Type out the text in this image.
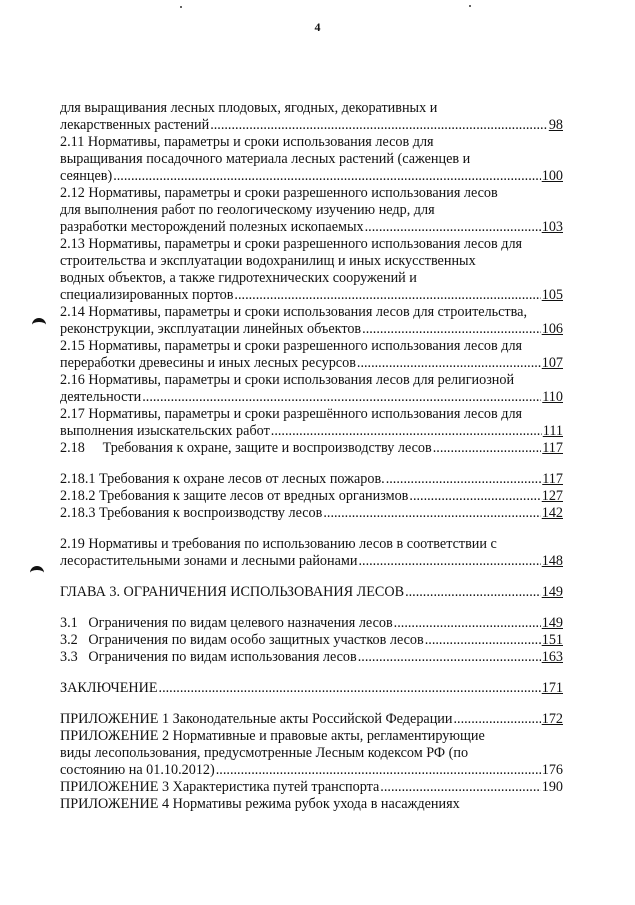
4
для выращивания лесных плодовых, ягодных, декоративных и
лекарственных растений .....	98
2.11 Нормативы, параметры и сроки использования лесов для
выращивания посадочного материала лесных растений (саженцев и
сеянцев) .....	100
2.12 Нормативы, параметры и сроки разрешенного использования лесов
для выполнения работ по геологическому изучению недр, для
разработки месторождений полезных ископаемых .....	103
2.13 Нормативы, параметры и сроки разрешенного использования лесов для
строительства и эксплуатации водохранилищ и иных искусственных
водных объектов, а также гидротехнических сооружений и
специализированных портов .....	105
2.14 Нормативы, параметры и сроки использования лесов для строительства,
реконструкции, эксплуатации линейных объектов .....	106
2.15 Нормативы, параметры и сроки разрешенного использования лесов для
переработки древесины и иных лесных ресурсов .....	107
2.16 Нормативы, параметры и сроки использования лесов для религиозной
деятельности .....	110
2.17 Нормативы, параметры и сроки разрешённого использования лесов для
выполнения изыскательских работ .....	111
2.18     Требования к охране, защите и воспроизводству лесов .....	117
2.18.1 Требования к охране лесов от лесных пожаров. .....	117
2.18.2 Требования к защите лесов от вредных организмов .....	127
2.18.3 Требования к воспроизводству лесов .....	142
2.19 Нормативы и требования по использованию лесов в соответствии с
лесорастительными зонами и лесными районами .....	148
ГЛАВА 3. ОГРАНИЧЕНИЯ ИСПОЛЬЗОВАНИЯ ЛЕСОВ .....	149
3.1   Ограничения по видам целевого назначения лесов .....	149
3.2   Ограничения по видам особо защитных участков лесов .....	151
3.3   Ограничения по видам использования лесов .....	163
ЗАКЛЮЧЕНИЕ .....	171
ПРИЛОЖЕНИЕ 1 Законодательные акты Российской Федерации .....	172
ПРИЛОЖЕНИЕ 2 Нормативные и правовые акты, регламентирующие
виды лесопользования, предусмотренные Лесным кодексом РФ (по
состоянию на 01.10.2012) .....	176
ПРИЛОЖЕНИЕ 3 Характеристика путей транспорта .....	190
ПРИЛОЖЕНИЕ 4 Нормативы режима рубок ухода в насаждениях
